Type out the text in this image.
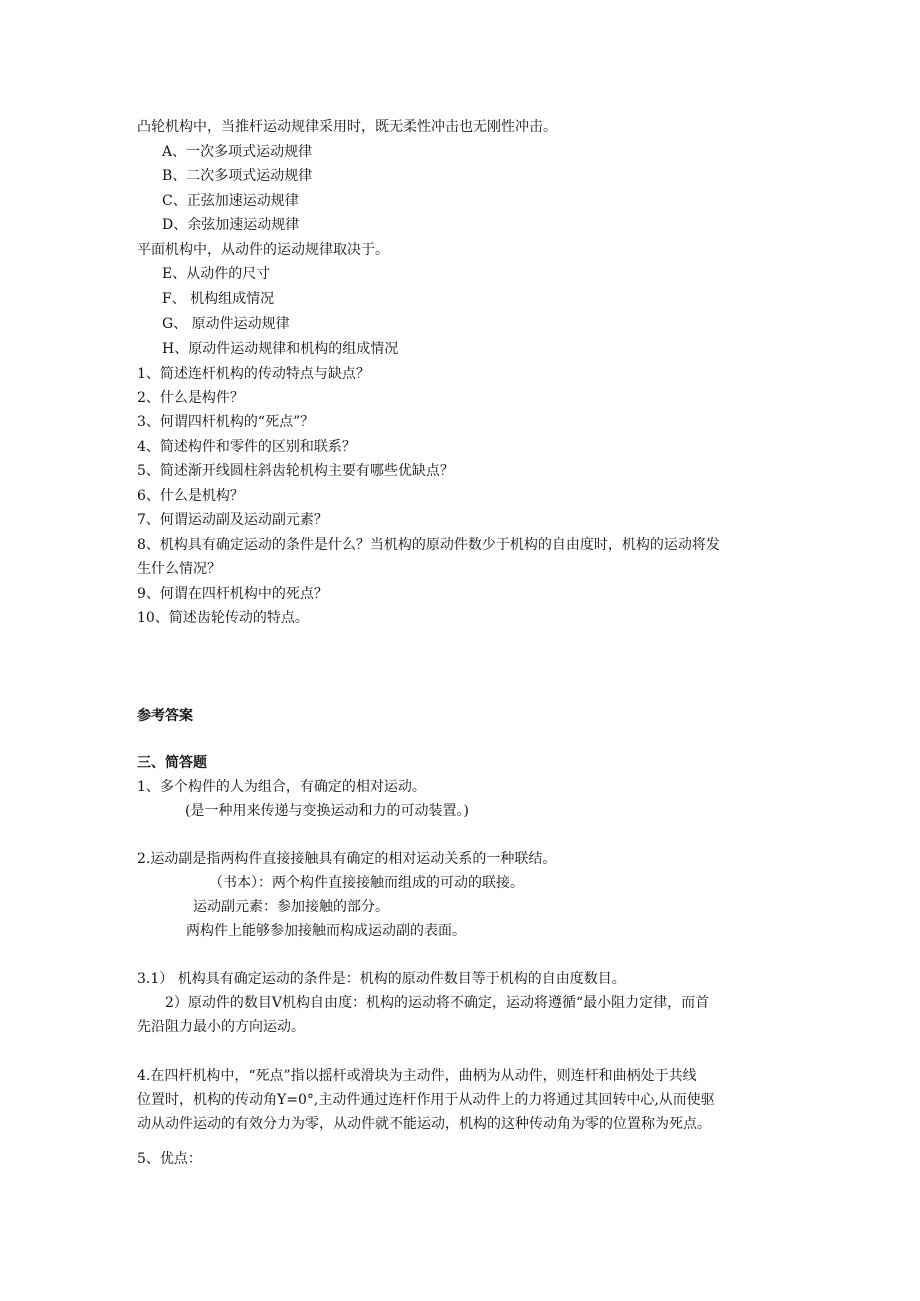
凸轮机构中，当推杆运动规律采用时，既无柔性冲击也无刚性冲击。
A、一次多项式运动规律
B、二次多项式运动规律
C、正弦加速运动规律
D、余弦加速运动规律
平面机构中，从动件的运动规律取决于。
E、从动件的尺寸
F、 机构组成情况
G、 原动件运动规律
H、原动件运动规律和机构的组成情况
1、简述连杆机构的传动特点与缺点？
2、什么是构件？
3、何谓四杆机构的“死点”？
4、简述构件和零件的区别和联系？
5、简述渐开线圆柱斜齿轮机构主要有哪些优缺点？
6、什么是机构？
7、何谓运动副及运动副元素？
8、机构具有确定运动的条件是什么？当机构的原动件数少于机构的自由度时，机构的运动将发
生什么情况？
9、何谓在四杆机构中的死点？
10、简述齿轮传动的特点。
参考答案
三、简答题
1、多个构件的人为组合，有确定的相对运动。
(是一种用来传递与变换运动和力的可动装置。)
2.运动副是指两构件直接接触具有确定的相对运动关系的一种联结。
（书本）：两个构件直接接触而组成的可动的联接。
运动副元素：参加接触的部分。
两构件上能够参加接触而构成运动副的表面。
3.1） 机构具有确定运动的条件是：机构的原动件数目等于机构的自由度数目。
2）原动件的数目V机构自由度：机构的运动将不确定，运动将遵循“最小阻力定律，而首
先沿阻力最小的方向运动。
4.在四杆机构中，“死点”指以摇杆或滑块为主动件，曲柄为从动件，则连杆和曲柄处于共线
位置时，机构的传动角Y=0°,主动件通过连杆作用于从动件上的力将通过其回转中心,从而使驱
动从动件运动的有效分力为零，从动件就不能运动，机构的这种传动角为零的位置称为死点。
5、优点：
